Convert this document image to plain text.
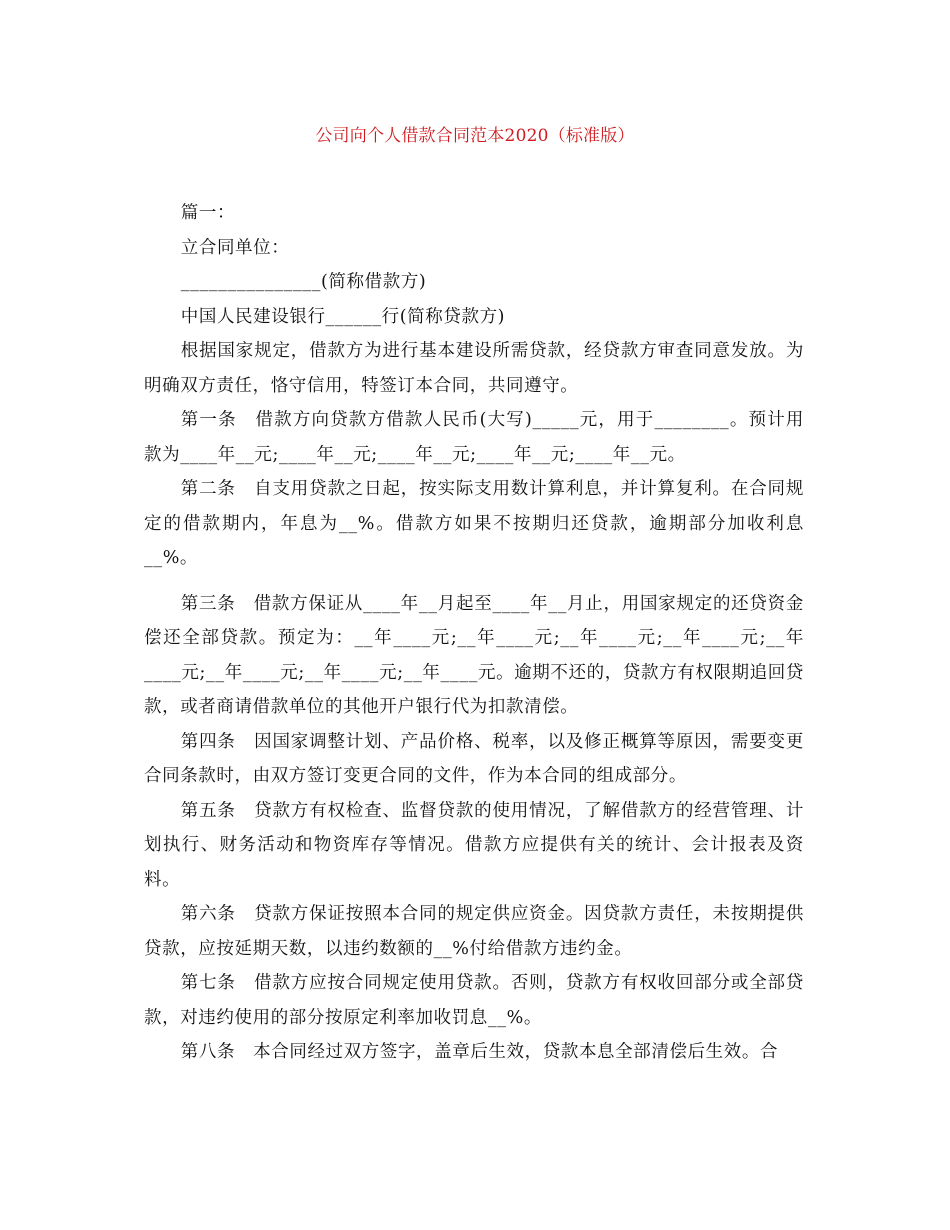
公司向个人借款合同范本2020（标准版）

篇一：

立合同单位：

_______________(简称借款方)

中国人民建设银行______行(简称贷款方)

根据国家规定，借款方为进行基本建设所需贷款，经贷款方审查同意发放。为明确双方责任，恪守信用，特签订本合同，共同遵守。

第一条　借款方向贷款方借款人民币(大写)_____元，用于________。预计用款为____年__元;____年__元;____年__元;____年__元;____年__元。

第二条　自支用贷款之日起，按实际支用数计算利息，并计算复利。在合同规定的借款期内，年息为__%。借款方如果不按期归还贷款，逾期部分加收利息__%。

第三条　借款方保证从____年__月起至____年__月止，用国家规定的还贷资金偿还全部贷款。预定为：__年____元;__年____元;__年____元;__年____元;__年____元;__年____元;__年____元;__年____元。逾期不还的，贷款方有权限期追回贷款，或者商请借款单位的其他开户银行代为扣款清偿。

第四条　因国家调整计划、产品价格、税率，以及修正概算等原因，需要变更合同条款时，由双方签订变更合同的文件，作为本合同的组成部分。

第五条　贷款方有权检查、监督贷款的使用情况，了解借款方的经营管理、计划执行、财务活动和物资库存等情况。借款方应提供有关的统计、会计报表及资料。

第六条　贷款方保证按照本合同的规定供应资金。因贷款方责任，未按期提供贷款，应按延期天数，以违约数额的__%付给借款方违约金。

第七条　借款方应按合同规定使用贷款。否则，贷款方有权收回部分或全部贷款，对违约使用的部分按原定利率加收罚息__%。

第八条　本合同经过双方签字，盖章后生效，贷款本息全部清偿后生效。合
